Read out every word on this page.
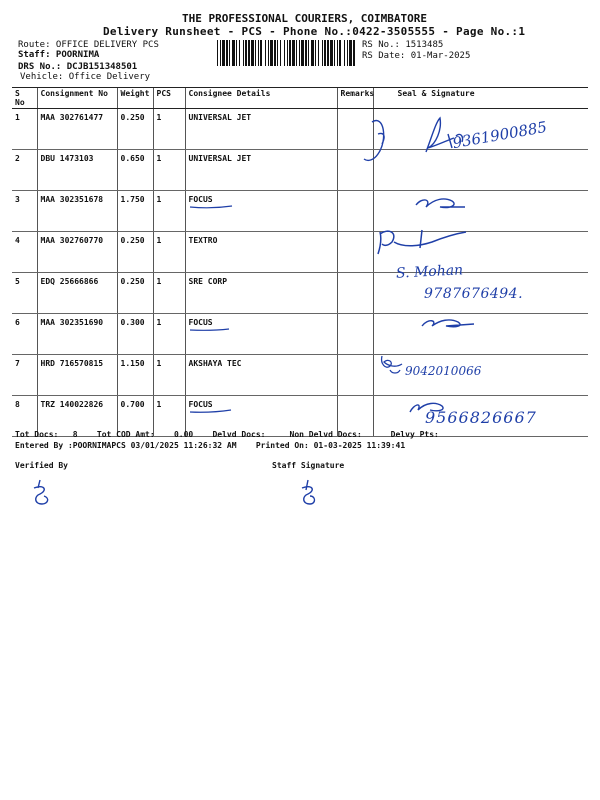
THE PROFESSIONAL COURIERS, COIMBATORE
Delivery Runsheet - PCS - Phone No.:0422-3505555 - Page No.:1
Route: OFFICE DELIVERY PCS
Staff: POORNIMA
DRS No.: DCJB151348501
Vehicle: Office Delivery
RS No.: 1513485
RS Date: 01-Mar-2025
S No	Consignment No	Weight	PCS	Consignee Details	Remarks	Seal & Signature
1	MAA 302761477	0.250	1	UNIVERSAL JET		
2	DBU 1473103	0.650	1	UNIVERSAL JET		
3	MAA 302351678	1.750	1	FOCUS

4	MAA 302760770	0.250	1	TEXTRO		
5	EDQ 25666866	0.250	1	SRE CORP		
6	MAA 302351690	0.300	1	FOCUS

7	HRD 716570815	1.150	1	AKSHAYA TEC		
8	TRZ 140022826	0.700	1	FOCUS

9361900885
S. Mohan
9787676494.
9042010066
9566826667
Tot Docs:   8    Tot COD Amt:    0.00    Delvd Docs:     Non Delvd Docs:      Delvy Pts:
Entered By :POORNIMAPCS 03/01/2025 11:26:32 AM    Printed On: 01-03-2025 11:39:41
Verified By	Staff Signature
